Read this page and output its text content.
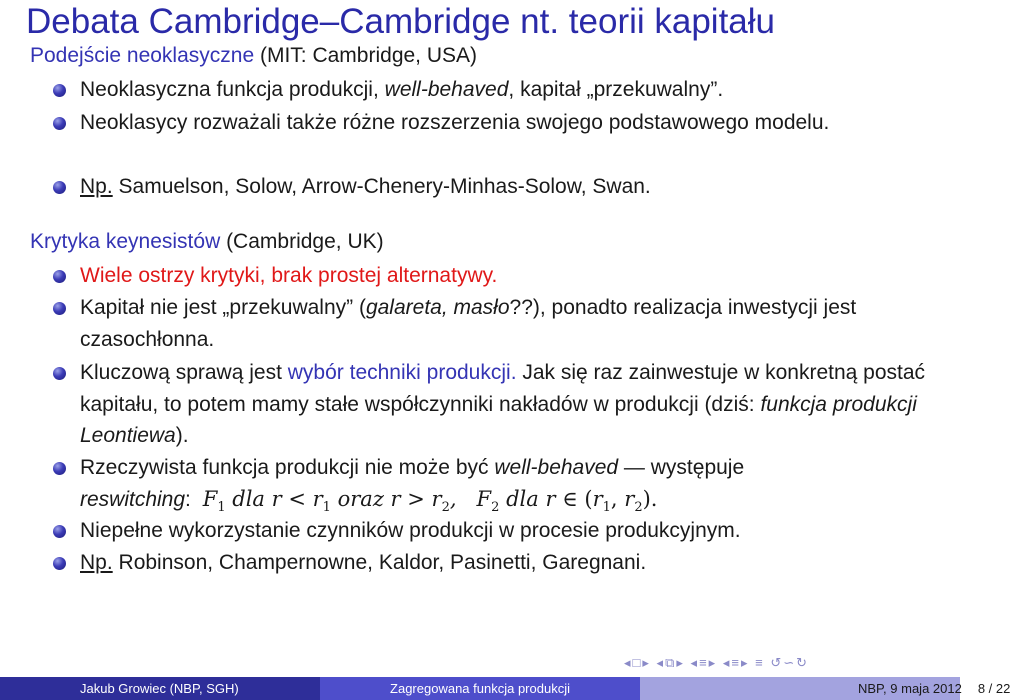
Debata Cambridge–Cambridge nt. teorii kapitału
Podejście neoklasyczne (MIT: Cambridge, USA)
Neoklasyczna funkcja produkcji, well-behaved, kapitał „przekuwalny”.
Neoklasycy rozważali także różne rozszerzenia swojego podstawowego modelu.
Np. Samuelson, Solow, Arrow-Chenery-Minhas-Solow, Swan.
Krytyka keynesistów (Cambridge, UK)
Wiele ostrzy krytyki, brak prostej alternatywy.
Kapitał nie jest „przekuwalny” (galareta, masło??), ponadto realizacja inwestycji jest czasochłonna.
Kluczową sprawą jest wybór techniki produkcji. Jak się raz zainwestuje w konkretną postać kapitału, to potem mamy stałe współczynniki nakładów w produkcji (dziś: funkcja produkcji Leontiewa).
Rzeczywista funkcja produkcji nie może być well-behaved — występuje
reswitching: $F_1$ dla $r < r_1$ oraz $r > r_2$,   $F_2$ dla r ∈ ($r_1$, $r_2$).
Niepełne wykorzystanie czynników produkcji w procesie produkcyjnym.
Np. Robinson, Champernowne, Kaldor, Pasinetti, Garegnani.
◂□▸ ◂⧉▸ ◂≡▸ ◂≡▸ ≡ ↺∽↻
Jakub Growiec (NBP, SGH)	Zagregowana funkcja produkcji	NBP, 9 maja 2012 8 / 22
